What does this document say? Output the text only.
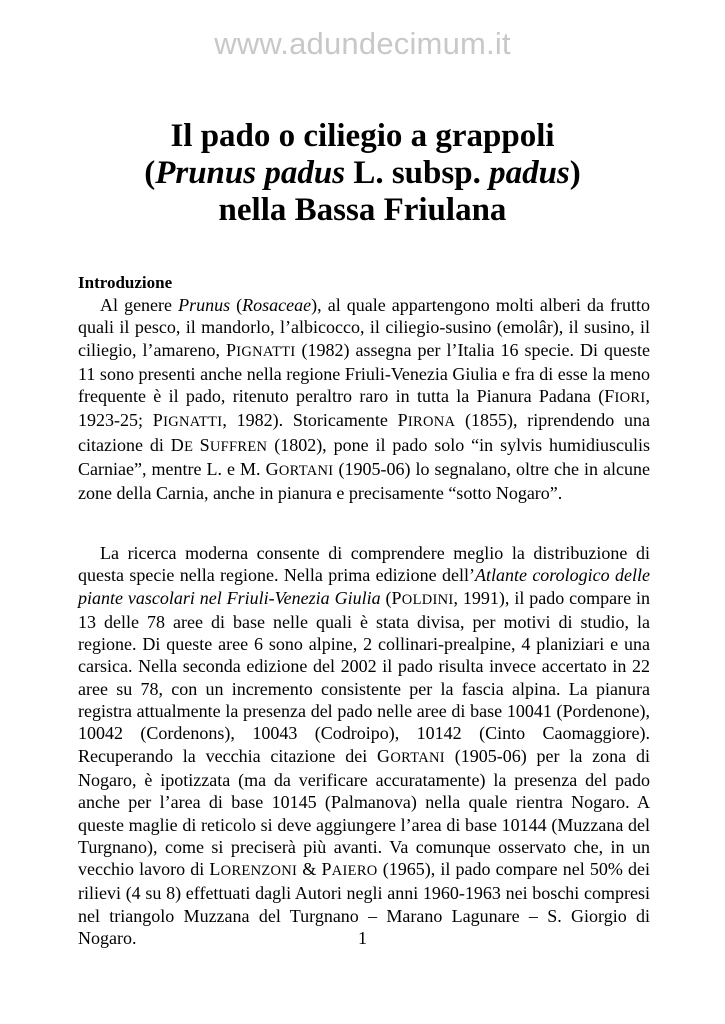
www.adundecimum.it
Il pado o ciliegio a grappoli
(Prunus padus L. subsp. padus)
nella Bassa Friulana
Introduzione

Al genere Prunus (Rosaceae), al quale appartengono molti alberi da frutto quali il pesco, il mandorlo, l’albicocco, il ciliegio-susino (emolâr), il susino, il ciliegio, l’amareno, PIGNATTI (1982) assegna per l’Italia 16 specie. Di queste 11 sono presenti anche nella regione Friuli-Venezia Giulia e fra di esse la meno frequente è il pado, ritenuto peraltro raro in tutta la Pianura Padana (FIORI, 1923-25; PIGNATTI, 1982). Storicamente PIRONA (1855), riprendendo una citazione di DE SUFFREN (1802), pone il pado solo “in sylvis humidiusculis Carniae”, mentre L. e M. GORTANI (1905-06) lo segnalano, oltre che in alcune zone della Carnia, anche in pianura e precisamente “sotto Nogaro”.

La ricerca moderna consente di comprendere meglio la distribuzione di questa specie nella regione. Nella prima edizione dell’Atlante corologico delle piante vascolari nel Friuli-Venezia Giulia (POLDINI, 1991), il pado compare in 13 delle 78 aree di base nelle quali è stata divisa, per motivi di studio, la regione. Di queste aree 6 sono alpine, 2 collinari-prealpine, 4 planiziari e una carsica. Nella seconda edizione del 2002 il pado risulta invece accertato in 22 aree su 78, con un incremento consistente per la fascia alpina. La pianura registra attualmente la presenza del pado nelle aree di base 10041 (Pordenone), 10042 (Cordenons), 10043 (Codroipo), 10142 (Cinto Caomaggiore). Recuperando la vecchia citazione dei GORTANI (1905-06) per la zona di Nogaro, è ipotizzata (ma da verificare accuratamente) la presenza del pado anche per l’area di base 10145 (Palmanova) nella quale rientra Nogaro. A queste maglie di reticolo si deve aggiungere l’area di base 10144 (Muzzana del Turgnano), come si preciserà più avanti. Va comunque osservato che, in un vecchio lavoro di LORENZONI & PAIERO (1965), il pado compare nel 50% dei rilievi (4 su 8) effettuati dagli Autori negli anni 1960-1963 nei boschi compresi nel triangolo Muzzana del Turgnano – Marano Lagunare – S. Giorgio di Nogaro.	1
